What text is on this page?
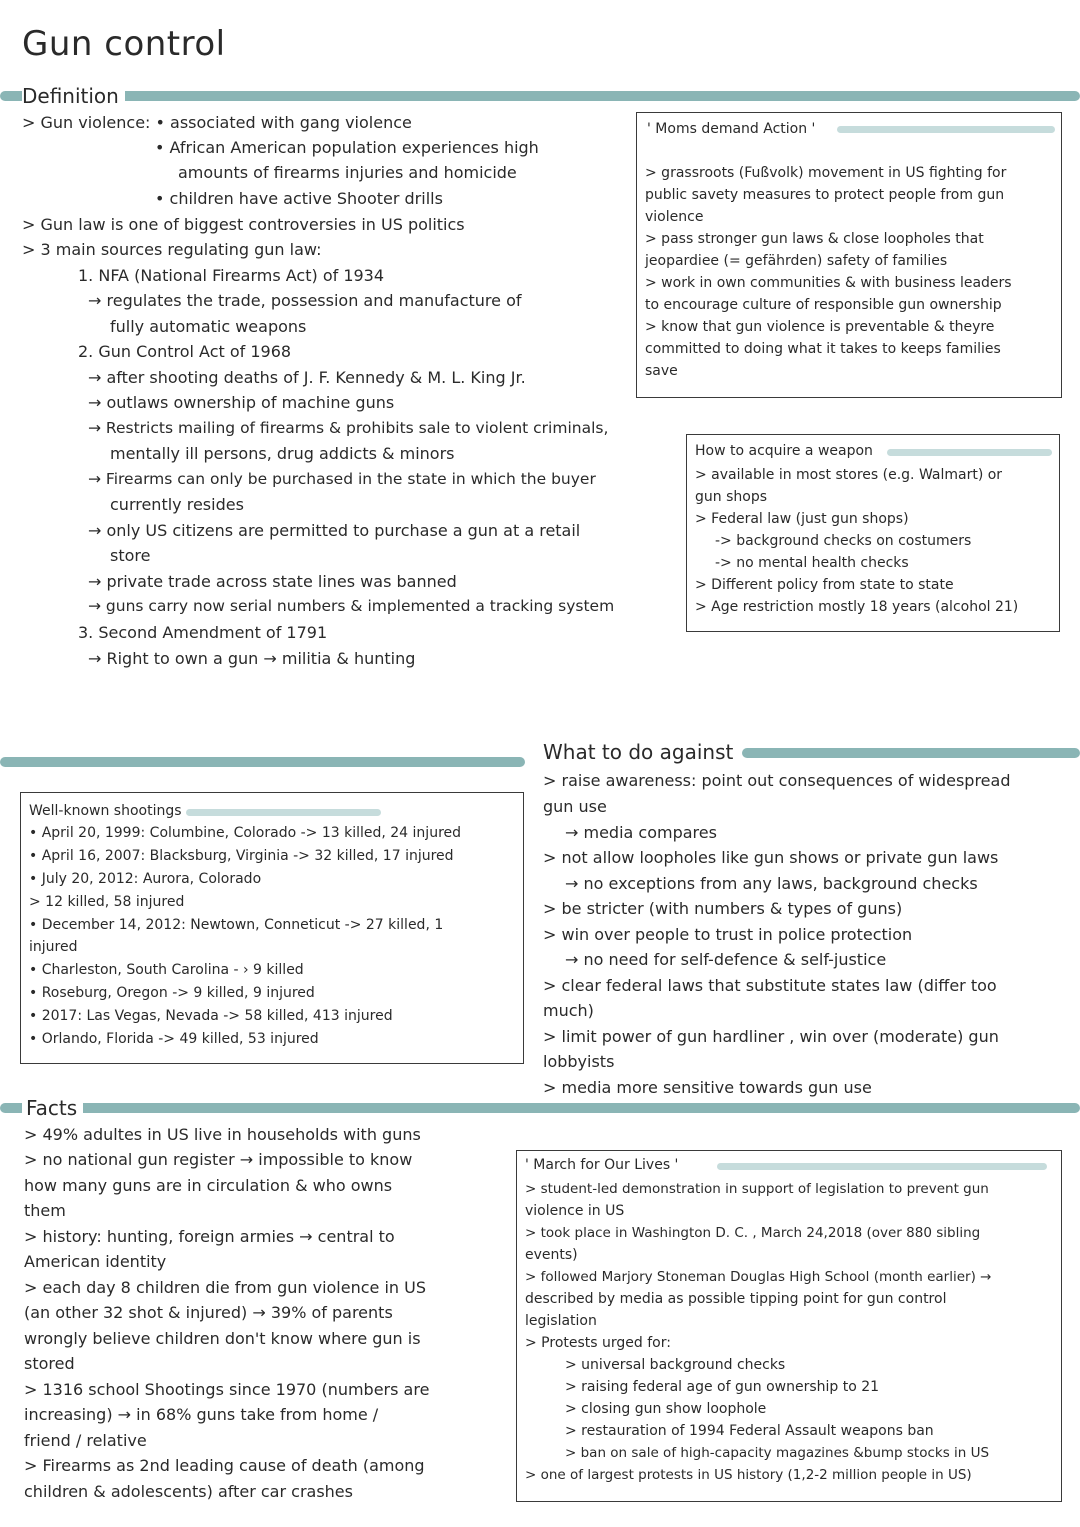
Gun control
Definition
> Gun violence: • associated with gang violence
• African American population experiences high
amounts of firearms injuries and homicide
• children have active Shooter drills
> Gun law is one of biggest controversies in US politics
> 3 main sources regulating gun law:
1. NFA (National Firearms Act) of 1934
→ regulates the trade, possession and manufacture of
fully automatic weapons
2. Gun Control Act of 1968
→ after shooting deaths of J. F. Kennedy & M. L. King Jr.
→ outlaws ownership of machine guns
→ Restricts mailing of firearms & prohibits sale to violent criminals,
mentally ill persons, drug addicts & minors
→ Firearms can only be purchased in the state in which the buyer
currently resides
→ only US citizens are permitted to purchase a gun at a retail
store
→ private trade across state lines was banned
→ guns carry now serial numbers & implemented a tracking system
3. Second Amendment of 1791
→ Right to own a gun → militia & hunting
' Moms demand Action '
> grassroots (Fußvolk) movement in US fighting for
public savety measures to protect people from gun
violence
> pass stronger gun laws & close loopholes that
jeopardiee (= gefährden) safety of families
> work in own communities & with business leaders
to encourage culture of responsible gun ownership
> know that gun violence is preventable & theyre
committed to doing what it takes to keeps families
save
How to acquire a weapon
> available in most stores (e.g. Walmart) or
gun shops
> Federal law (just gun shops)
-> background checks on costumers
-> no mental health checks
> Different policy from state to state
> Age restriction mostly 18 years (alcohol 21)
What to do against
> raise awareness: point out consequences of widespread
gun use
→ media compares
> not allow loopholes like gun shows or private gun laws
→ no exceptions from any laws, background checks
> be stricter (with numbers & types of guns)
> win over people to trust in police protection
→ no need for self-defence & self-justice
> clear federal laws that substitute states law (differ too
much)
> limit power of gun hardliner , win over (moderate) gun
lobbyists
> media more sensitive towards gun use
Well-known shootings
• April 20, 1999: Columbine, Colorado -> 13 killed, 24 injured
• April 16, 2007: Blacksburg, Virginia -> 32 killed, 17 injured
• July 20, 2012: Aurora, Colorado
> 12 killed, 58 injured
• December 14, 2012: Newtown, Conneticut -> 27 killed, 1
injured
• Charleston, South Carolina - › 9 killed
• Roseburg, Oregon -> 9 killed, 9 injured
• 2017: Las Vegas, Nevada -> 58 killed, 413 injured
• Orlando, Florida -> 49 killed, 53 injured
Facts
> 49% adultes in US live in households with guns
> no national gun register → impossible to know
how many guns are in circulation & who owns
them
> history: hunting, foreign armies → central to
American identity
> each day 8 children die from gun violence in US
(an other 32 shot & injured) → 39% of parents
wrongly believe children don't know where gun is
stored
> 1316 school Shootings since 1970 (numbers are
increasing) → in 68% guns take from home /
friend / relative
> Firearms as 2nd leading cause of death (among
children & adolescents) after car crashes
' March for Our Lives '
> student-led demonstration in support of legislation to prevent gun
violence in US
> took place in Washington D. C. , March 24,2018 (over 880 sibling
events)
> followed Marjory Stoneman Douglas High School (month earlier) →
described by media as possible tipping point for gun control
legislation
> Protests urged for:
> universal background checks
> raising federal age of gun ownership to 21
> closing gun show loophole
> restauration of 1994 Federal Assault weapons ban
> ban on sale of high-capacity magazines &bump stocks in US
> one of largest protests in US history (1,2-2 million people in US)
